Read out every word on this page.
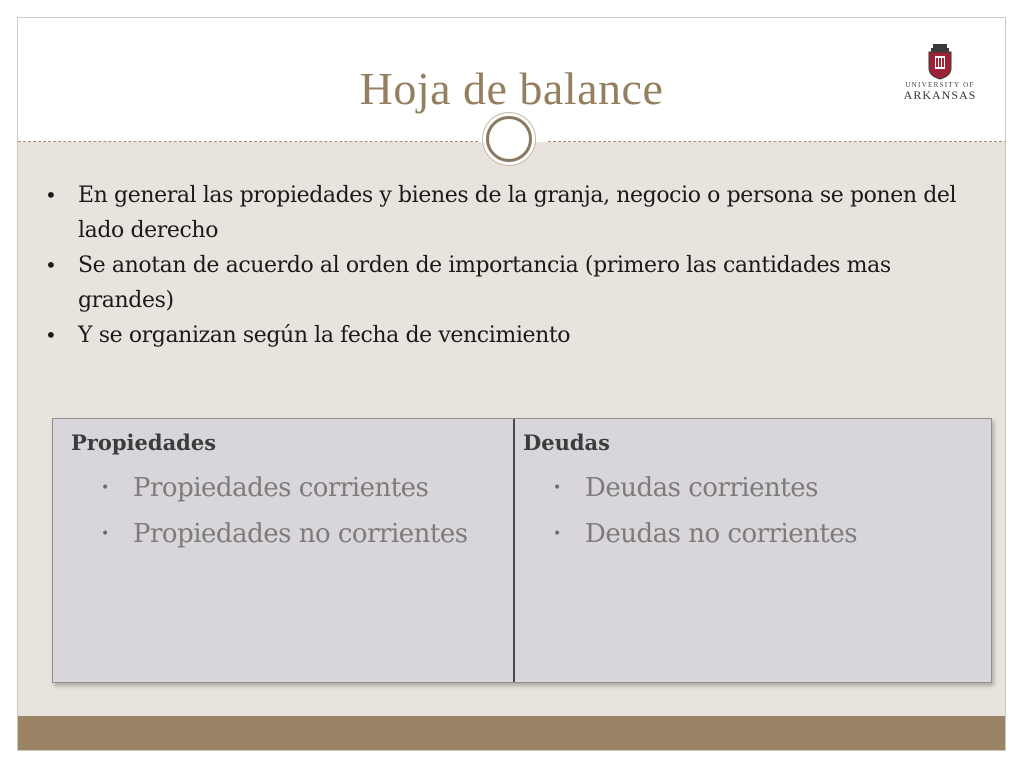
Hoja de balance	UNIVERSITY OF
ARKANSAS
• En general las propiedades y bienes de la granja, negocio o persona se ponen del lado derecho
• Se anotan de acuerdo al orden de importancia (primero las cantidades mas grandes)
• Y se organizan según la fecha de vencimiento
Propiedades
• Propiedades corrientes
• Propiedades no corrientes
Deudas
• Deudas corrientes
• Deudas no corrientes
